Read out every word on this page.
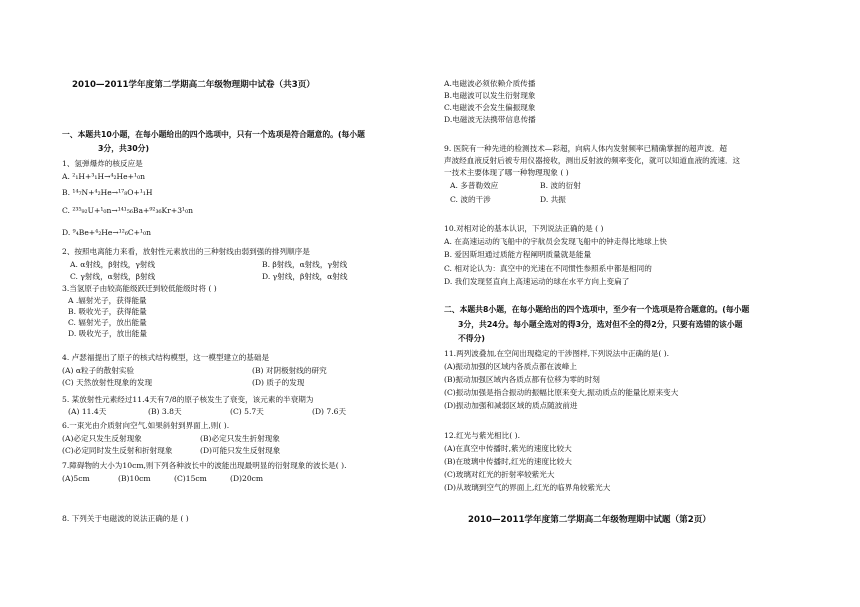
2010—2011学年度第二学期高二年级物理期中试卷（共3页）
一、本题共10小题，在每小题给出的四个选项中，只有一个选项是符合题意的。(每小题
3分，共30分)
1、氢弹爆炸的核反应是
A. ²₁H+³₁H→⁴₂He+¹₀n
B. ¹⁴₇N+⁴₂He→¹⁷₈O+¹₁H
C. ²³⁵₉₂U+¹₀n→¹⁴¹₅₆Ba+⁹²₃₆Kr+3¹₀n
D. ⁹₄Be+⁴₂He→¹²₆C+¹₀n
2、按照电离能力来看，放射性元素放出的三种射线由弱到强的排列顺序是
A. α射线，β射线，γ射线	B. β射线，α射线，γ射线
C. γ射线，α射线，β射线	D. γ射线，β射线，α射线
3.当氢原子由较高能级跃迁到较低能级时将 ( )
A .辐射光子，获得能量
B. 吸收光子，获得能量
C. 辐射光子，放出能量
D. 吸收光子，放出能量
4. 卢瑟福提出了原子的核式结构模型，这一模型建立的基础是
(A) α粒子的散射实验	(B) 对阴极射线的研究
(C) 天然放射性现象的发现	(D) 质子的发现
5. 某放射性元素经过11.4天有7/8的原子核发生了衰变，该元素的半衰期为
(A) 11.4天	(B) 3.8天	(C) 5.7天	(D) 7.6天
6.一束光由介质射向空气,如果斜射到界面上,则( ).
(A)必定只发生反射现象	(B)必定只发生折射现象
(C)必定同时发生反射和折射现象	(D)可能只发生反射现象
7.障碍物的大小为10cm,则下列各种波长中的波能出现最明显的衍射现象的波长是( ).
(A)5cm	(B)10cm	(C)15cm	(D)20cm
8. 下列关于电磁波的说法正确的是 ( )
A.电磁波必须依赖介质传播
B.电磁波可以发生衍射现象
C.电磁波不会发生偏振现象
D.电磁波无法携带信息传播
9. 医院有一种先进的检测技术—彩超，向病人体内发射频率已精确掌握的超声波．超
声波经血液反射后被专用仪器接收，测出反射波的频率变化，就可以知道血液的流速．这
一技术主要体现了哪一种物理现象 ( )
A. 多普勒效应	B. 波的衍射
C. 波的干涉	D. 共振
10.对相对论的基本认识，下列说法正确的是 ( )
A. 在高速运动的飞船中的宇航员会发现飞船中的钟走得比地球上快
B. 爱因斯坦通过质能方程阐明质量就是能量
C. 相对论认为：真空中的光速在不同惯性参照系中都是相同的
D. 我们发现竖直向上高速运动的球在水平方向上变扁了
二、本题共8小题，在每小题给出的四个选项中，至少有一个选项是符合题意的。(每小题
3分，共24分。每小题全选对的得3分，选对但不全的得2分，只要有选错的该小题
不得分)
11.两列波叠加,在空间出现稳定的干涉图样,下列说法中正确的是( ).
(A)振动加强的区域内各质点都在波峰上
(B)振动加强区域内各质点都有位移为零的时刻
(C)振动加强是指合振动的振幅比原来变大,振动质点的能量比原来变大
(D)振动加强和减弱区域的质点随波前进
12.红光与紫光相比( ).
(A)在真空中传播时,紫光的速度比较大
(B)在玻璃中传播时,红光的速度比较大
(C)玻璃对红光的折射率较紫光大
(D)从玻璃到空气的界面上,红光的临界角较紫光大
2010—2011学年度第二学期高二年级物理期中试题（第2页）
